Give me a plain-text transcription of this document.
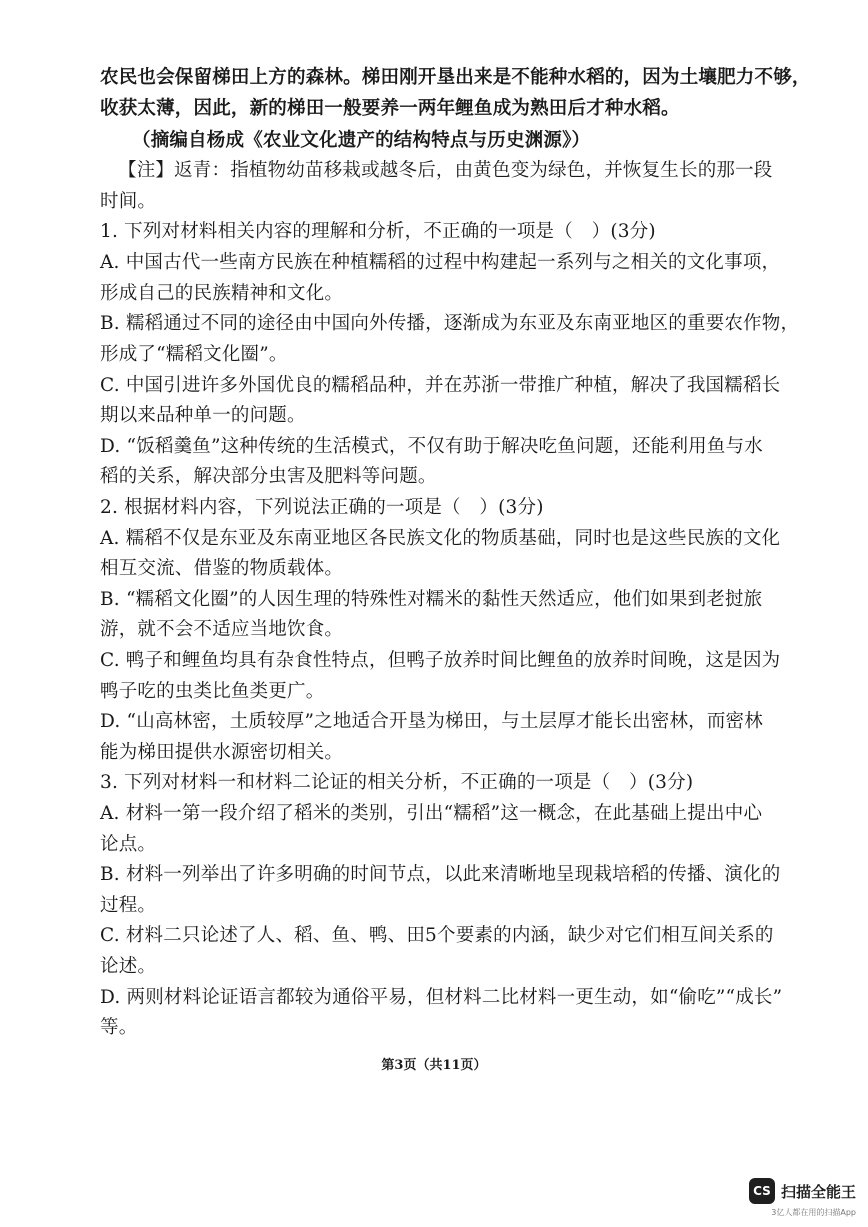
农民也会保留梯田上方的森林。梯田刚开垦出来是不能种水稻的，因为土壤肥力不够，
收获太薄，因此，新的梯田一般要养一两年鲤鱼成为熟田后才种水稻。
（摘编自杨成《农业文化遗产的结构特点与历史渊源》）
【注】返青：指植物幼苗移栽或越冬后，由黄色变为绿色，并恢复生长的那一段
时间。
1. 下列对材料相关内容的理解和分析，不正确的一项是（　）(3分)
A. 中国古代一些南方民族在种植糯稻的过程中构建起一系列与之相关的文化事项，
形成自己的民族精神和文化。
B. 糯稻通过不同的途径由中国向外传播，逐渐成为东亚及东南亚地区的重要农作物，
形成了“糯稻文化圈”。
C. 中国引进许多外国优良的糯稻品种，并在苏浙一带推广种植，解决了我国糯稻长
期以来品种单一的问题。
D. “饭稻羹鱼”这种传统的生活模式，不仅有助于解决吃鱼问题，还能利用鱼与水
稻的关系，解决部分虫害及肥料等问题。
2. 根据材料内容，下列说法正确的一项是（　）(3分)
A. 糯稻不仅是东亚及东南亚地区各民族文化的物质基础，同时也是这些民族的文化
相互交流、借鉴的物质载体。
B. “糯稻文化圈”的人因生理的特殊性对糯米的黏性天然适应，他们如果到老挝旅
游，就不会不适应当地饮食。
C. 鸭子和鲤鱼均具有杂食性特点，但鸭子放养时间比鲤鱼的放养时间晚，这是因为
鸭子吃的虫类比鱼类更广。
D. “山高林密，土质较厚”之地适合开垦为梯田，与土层厚才能长出密林，而密林
能为梯田提供水源密切相关。
3. 下列对材料一和材料二论证的相关分析，不正确的一项是（　）(3分)
A. 材料一第一段介绍了稻米的类别，引出“糯稻”这一概念，在此基础上提出中心
论点。
B. 材料一列举出了许多明确的时间节点，以此来清晰地呈现栽培稻的传播、演化的
过程。
C. 材料二只论述了人、稻、鱼、鸭、田5个要素的内涵，缺少对它们相互间关系的
论述。
D. 两则材料论证语言都较为通俗平易，但材料二比材料一更生动，如“偷吃”“成长”
等。
第3页（共11页）
CS 扫描全能王
3亿人都在用的扫描App
